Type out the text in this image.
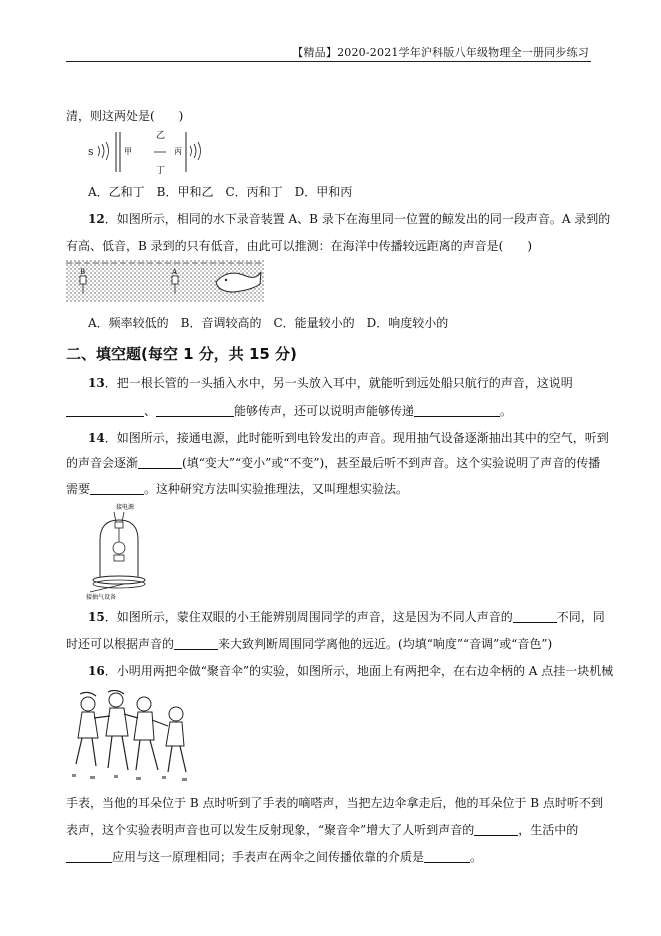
【精品】2020-2021学年沪科版八年级物理全一册同步练习
清，则这两处是(　　)
S	甲
乙
丁
丙
A．乙和丁　B．甲和乙　C．丙和丁　D．甲和丙
12．如图所示，相同的水下录音装置 A、B 录下在海里同一位置的鲸发出的同一段声音。A 录到的
有高、低音，B 录到的只有低音，由此可以推测：在海洋中传播较远距离的声音是(　　)
B	A
A．频率较低的　B．音调较高的　C．能量较小的　D．响度较小的
二、填空题(每空 1 分，共 15 分)
13．把一根长管的一头插入水中，另一头放入耳中，就能听到远处船只航行的声音，这说明
、	能够传声，还可以说明声能够传递	。
14．如图所示，接通电源，此时能听到电铃发出的声音。现用抽气设备逐渐抽出其中的空气，听到
的声音会逐渐	(填“变大”“变小”或“不变”)，甚至最后听不到声音。这个实验说明了声音的传播
需要	。这种研究方法叫实验推理法，又叫理想实验法。
接电源
接抽气设备
15．如图所示，蒙住双眼的小王能辨别周围同学的声音，这是因为不同人声音的	不同，同
时还可以根据声音的	来大致判断周围同学离他的远近。(均填“响度”“音调”或“音色”)
16．小明用两把伞做“聚音伞”的实验，如图所示，地面上有两把伞，在右边伞柄的 A 点挂一块机械
手表，当他的耳朵位于 B 点时听到了手表的嘀嗒声，当把左边伞拿走后，他的耳朵位于 B 点时听不到
表声，这个实验表明声音也可以发生反射现象，“聚音伞”增大了人听到声音的	，生活中的
应用与这一原理相同；手表声在两伞之间传播依靠的介质是	。
